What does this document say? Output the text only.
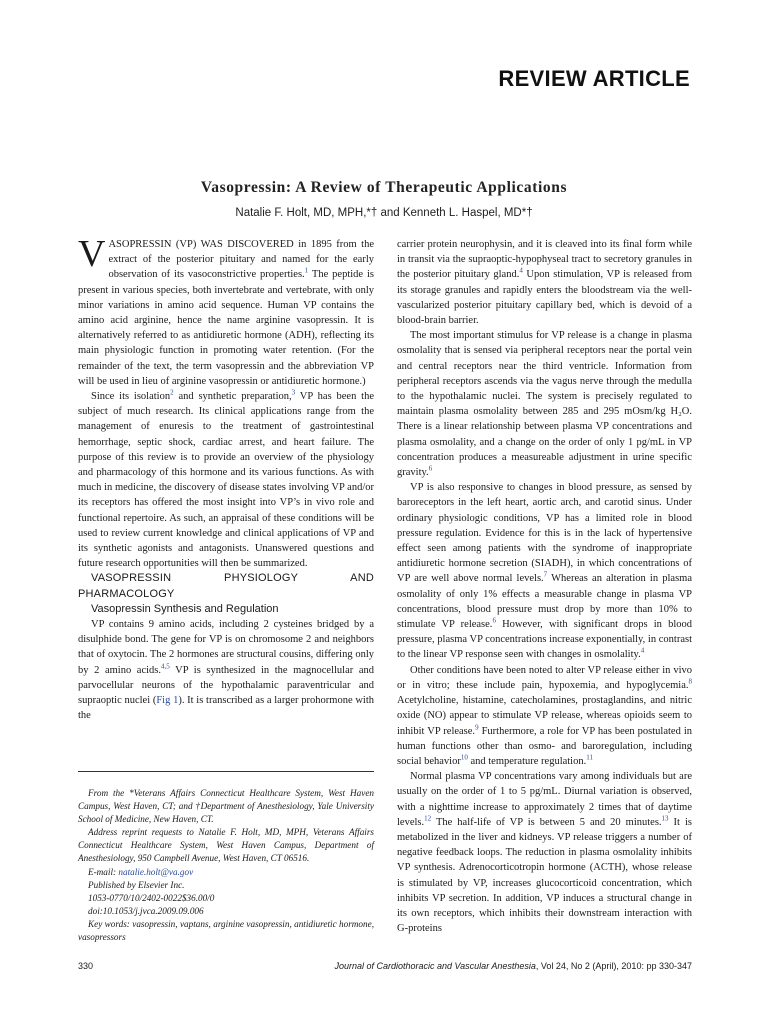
REVIEW ARTICLE
Vasopressin: A Review of Therapeutic Applications
Natalie F. Holt, MD, MPH,*† and Kenneth L. Haspel, MD*†

VASOPRESSIN (VP) WAS DISCOVERED in 1895 from the extract of the posterior pituitary and named for the early observation of its vasoconstrictive properties.$^1$ The peptide is present in various species, both invertebrate and vertebrate, with only minor variations in amino acid sequence. Human VP contains the amino acid arginine, hence the name arginine vasopressin. It is alternatively referred to as antidiuretic hormone (ADH), reflecting its main physiologic function in promoting water retention. (For the remainder of the text, the term vasopressin and the abbreviation VP will be used in lieu of arginine vasopressin or antidiuretic hormone.)

Since its isolation$^2$ and synthetic preparation,$^3$ VP has been the subject of much research. Its clinical applications range from the management of enuresis to the treatment of gastrointestinal hemorrhage, septic shock, cardiac arrest, and heart failure. The purpose of this review is to provide an overview of the physiology and pharmacology of this hormone and its various functions. As with much in medicine, the discovery of disease states involving VP and/or its receptors has offered the most insight into VP’s in vivo role and functional repertoire. As such, an appraisal of these conditions will be used to review current knowledge and clinical applications of VP and its synthetic agonists and antagonists. Unanswered questions and future research opportunities will then be summarized.

VASOPRESSIN PHYSIOLOGY AND PHARMACOLOGY

Vasopressin Synthesis and Regulation

VP contains 9 amino acids, including 2 cysteines bridged by a disulphide bond. The gene for VP is on chromosome 2 and neighbors that of oxytocin. The 2 hormones are structural cousins, differing only by 2 amino acids.$^{4,5}$ VP is synthesized in the magnocellular and parvocellular neurons of the hypothalamic paraventricular and supraoptic nuclei (Fig 1). It is transcribed as a larger prohormone with the

From the *Veterans Affairs Connecticut Healthcare System, West Haven Campus, West Haven, CT; and †Department of Anesthesiology, Yale University School of Medicine, New Haven, CT.

Address reprint requests to Natalie F. Holt, MD, MPH, Veterans Affairs Connecticut Healthcare System, West Haven Campus, Department of Anesthesiology, 950 Campbell Avenue, West Haven, CT 06516.

E-mail: natalie.holt@va.gov

Published by Elsevier Inc.

1053-0770/10/2402-0022$36.00/0

doi:10.1053/j.jvca.2009.09.006

Key words: vasopressin, vaptans, arginine vasopressin, antidiuretic hormone, vasopressors

carrier protein neurophysin, and it is cleaved into its final form while in transit via the supraoptic-hypophyseal tract to secretory granules in the posterior pituitary gland.$^4$ Upon stimulation, VP is released from its storage granules and rapidly enters the bloodstream via the well-vascularized posterior pituitary capillary bed, which is devoid of a blood-brain barrier.

The most important stimulus for VP release is a change in plasma osmolality that is sensed via peripheral receptors near the portal vein and central receptors near the third ventricle. Information from peripheral receptors ascends via the vagus nerve through the medulla to the hypothalamic nuclei. The system is precisely regulated to maintain plasma osmolality between 285 and 295 mOsm/kg H₂O. There is a linear relationship between plasma VP concentrations and plasma osmolality, and a change on the order of only 1 pg/mL in VP concentration produces a measureable adjustment in urine specific gravity.$^6$

VP is also responsive to changes in blood pressure, as sensed by baroreceptors in the left heart, aortic arch, and carotid sinus. Under ordinary physiologic conditions, VP has a limited role in blood pressure regulation. Evidence for this is in the lack of hypertensive effect seen among patients with the syndrome of inappropriate antidiuretic hormone secretion (SIADH), in which concentrations of VP are well above normal levels.$^7$ Whereas an alteration in plasma osmolality of only 1% effects a measurable change in plasma VP concentrations, blood pressure must drop by more than 10% to stimulate VP release.$^6$ However, with significant drops in blood pressure, plasma VP concentrations increase exponentially, in contrast to the linear VP response seen with changes in osmolality.$^4$

Other conditions have been noted to alter VP release either in vivo or in vitro; these include pain, hypoxemia, and hypoglycemia.$^8$ Acetylcholine, histamine, catecholamines, prostaglandins, and nitric oxide (NO) appear to stimulate VP release, whereas opioids seem to inhibit VP release.$^9$ Furthermore, a role for VP has been postulated in human functions other than osmo- and baroregulation, including social behavior$^{10}$ and temperature regulation.$^{11}$

Normal plasma VP concentrations vary among individuals but are usually on the order of 1 to 5 pg/mL. Diurnal variation is observed, with a nighttime increase to approximately 2 times that of daytime levels.$^{12}$ The half-life of VP is between 5 and 20 minutes.$^{13}$ It is metabolized in the liver and kidneys. VP release triggers a number of negative feedback loops. The reduction in plasma osmolality inhibits VP synthesis. Adrenocorticotropin hormone (ACTH), whose release is stimulated by VP, increases glucocorticoid concentration, which inhibits VP secretion. In addition, VP induces a structural change in its own receptors, which inhibits their downstream interaction with G-proteins

330	Journal of Cardiothoracic and Vascular Anesthesia, Vol 24, No 2 (April), 2010: pp 330-347
